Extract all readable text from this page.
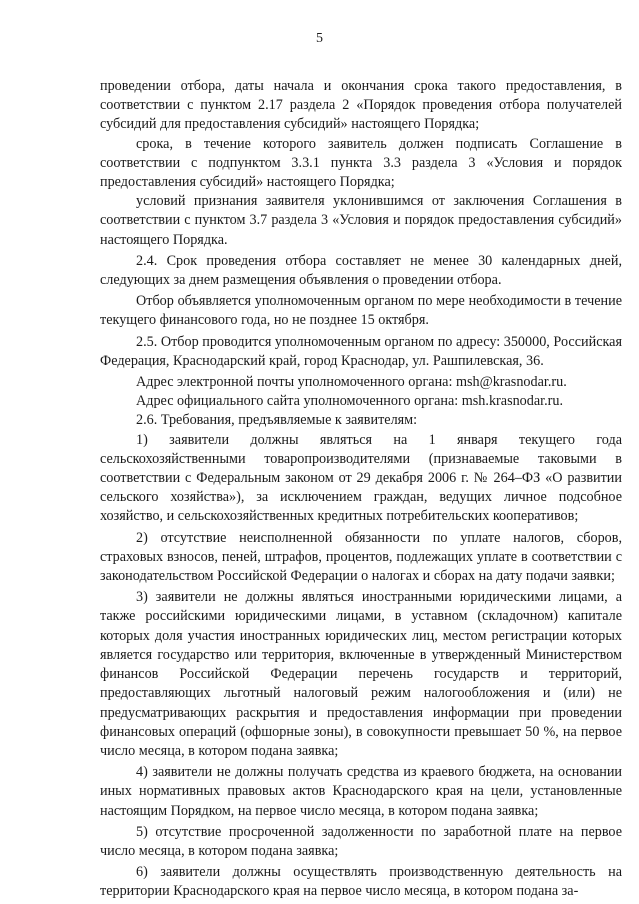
5

проведении отбора, даты начала и окончания срока такого предоставления, в соответствии с пунктом 2.17 раздела 2 «Порядок проведения отбора получателей субсидий для предоставления субсидий» настоящего Порядка;

срока, в течение которого заявитель должен подписать Соглашение в соответствии с подпунктом 3.3.1 пункта 3.3 раздела 3 «Условия и порядок предоставления субсидий» настоящего Порядка;

условий признания заявителя уклонившимся от заключения Соглашения в соответствии с пунктом 3.7 раздела 3 «Условия и порядок предоставления субсидий» настоящего Порядка.

2.4. Срок проведения отбора составляет не менее 30 календарных дней, следующих за днем размещения объявления о проведении отбора.

Отбор объявляется уполномоченным органом по мере необходимости в течение текущего финансового года, но не позднее 15 октября.

2.5. Отбор проводится уполномоченным органом по адресу: 350000, Российская Федерация, Краснодарский край, город Краснодар, ул. Рашпилевская, 36.

Адрес электронной почты уполномоченного органа: msh@krasnodar.ru.

Адрес официального сайта уполномоченного органа: msh.krasnodar.ru.

2.6. Требования, предъявляемые к заявителям:

1) заявители должны являться на 1 января текущего года сельскохозяйственными товаропроизводителями (признаваемые таковыми в соответствии с Федеральным законом от 29 декабря 2006 г. № 264–ФЗ «О развитии сельского хозяйства»), за исключением граждан, ведущих личное подсобное хозяйство, и сельскохозяйственных кредитных потребительских кооперативов;

2) отсутствие неисполненной обязанности по уплате налогов, сборов, страховых взносов, пеней, штрафов, процентов, подлежащих уплате в соответствии с законодательством Российской Федерации о налогах и сборах на дату подачи заявки;

3) заявители не должны являться иностранными юридическими лицами, а также российскими юридическими лицами, в уставном (складочном) капитале которых доля участия иностранных юридических лиц, местом регистрации которых является государство или территория, включенные в утвержденный Министерством финансов Российской Федерации перечень государств и территорий, предоставляющих льготный налоговый режим налогообложения и (или) не предусматривающих раскрытия и предоставления информации при проведении финансовых операций (офшорные зоны), в совокупности превышает 50 %, на первое число месяца, в котором подана заявка;

4) заявители не должны получать средства из краевого бюджета, на основании иных нормативных правовых актов Краснодарского края на цели, установленные настоящим Порядком, на первое число месяца, в котором подана заявка;

5) отсутствие просроченной задолженности по заработной плате на первое число месяца, в котором подана заявка;

6) заявители должны осуществлять производственную деятельность на территории Краснодарского края на первое число месяца, в котором подана за-
